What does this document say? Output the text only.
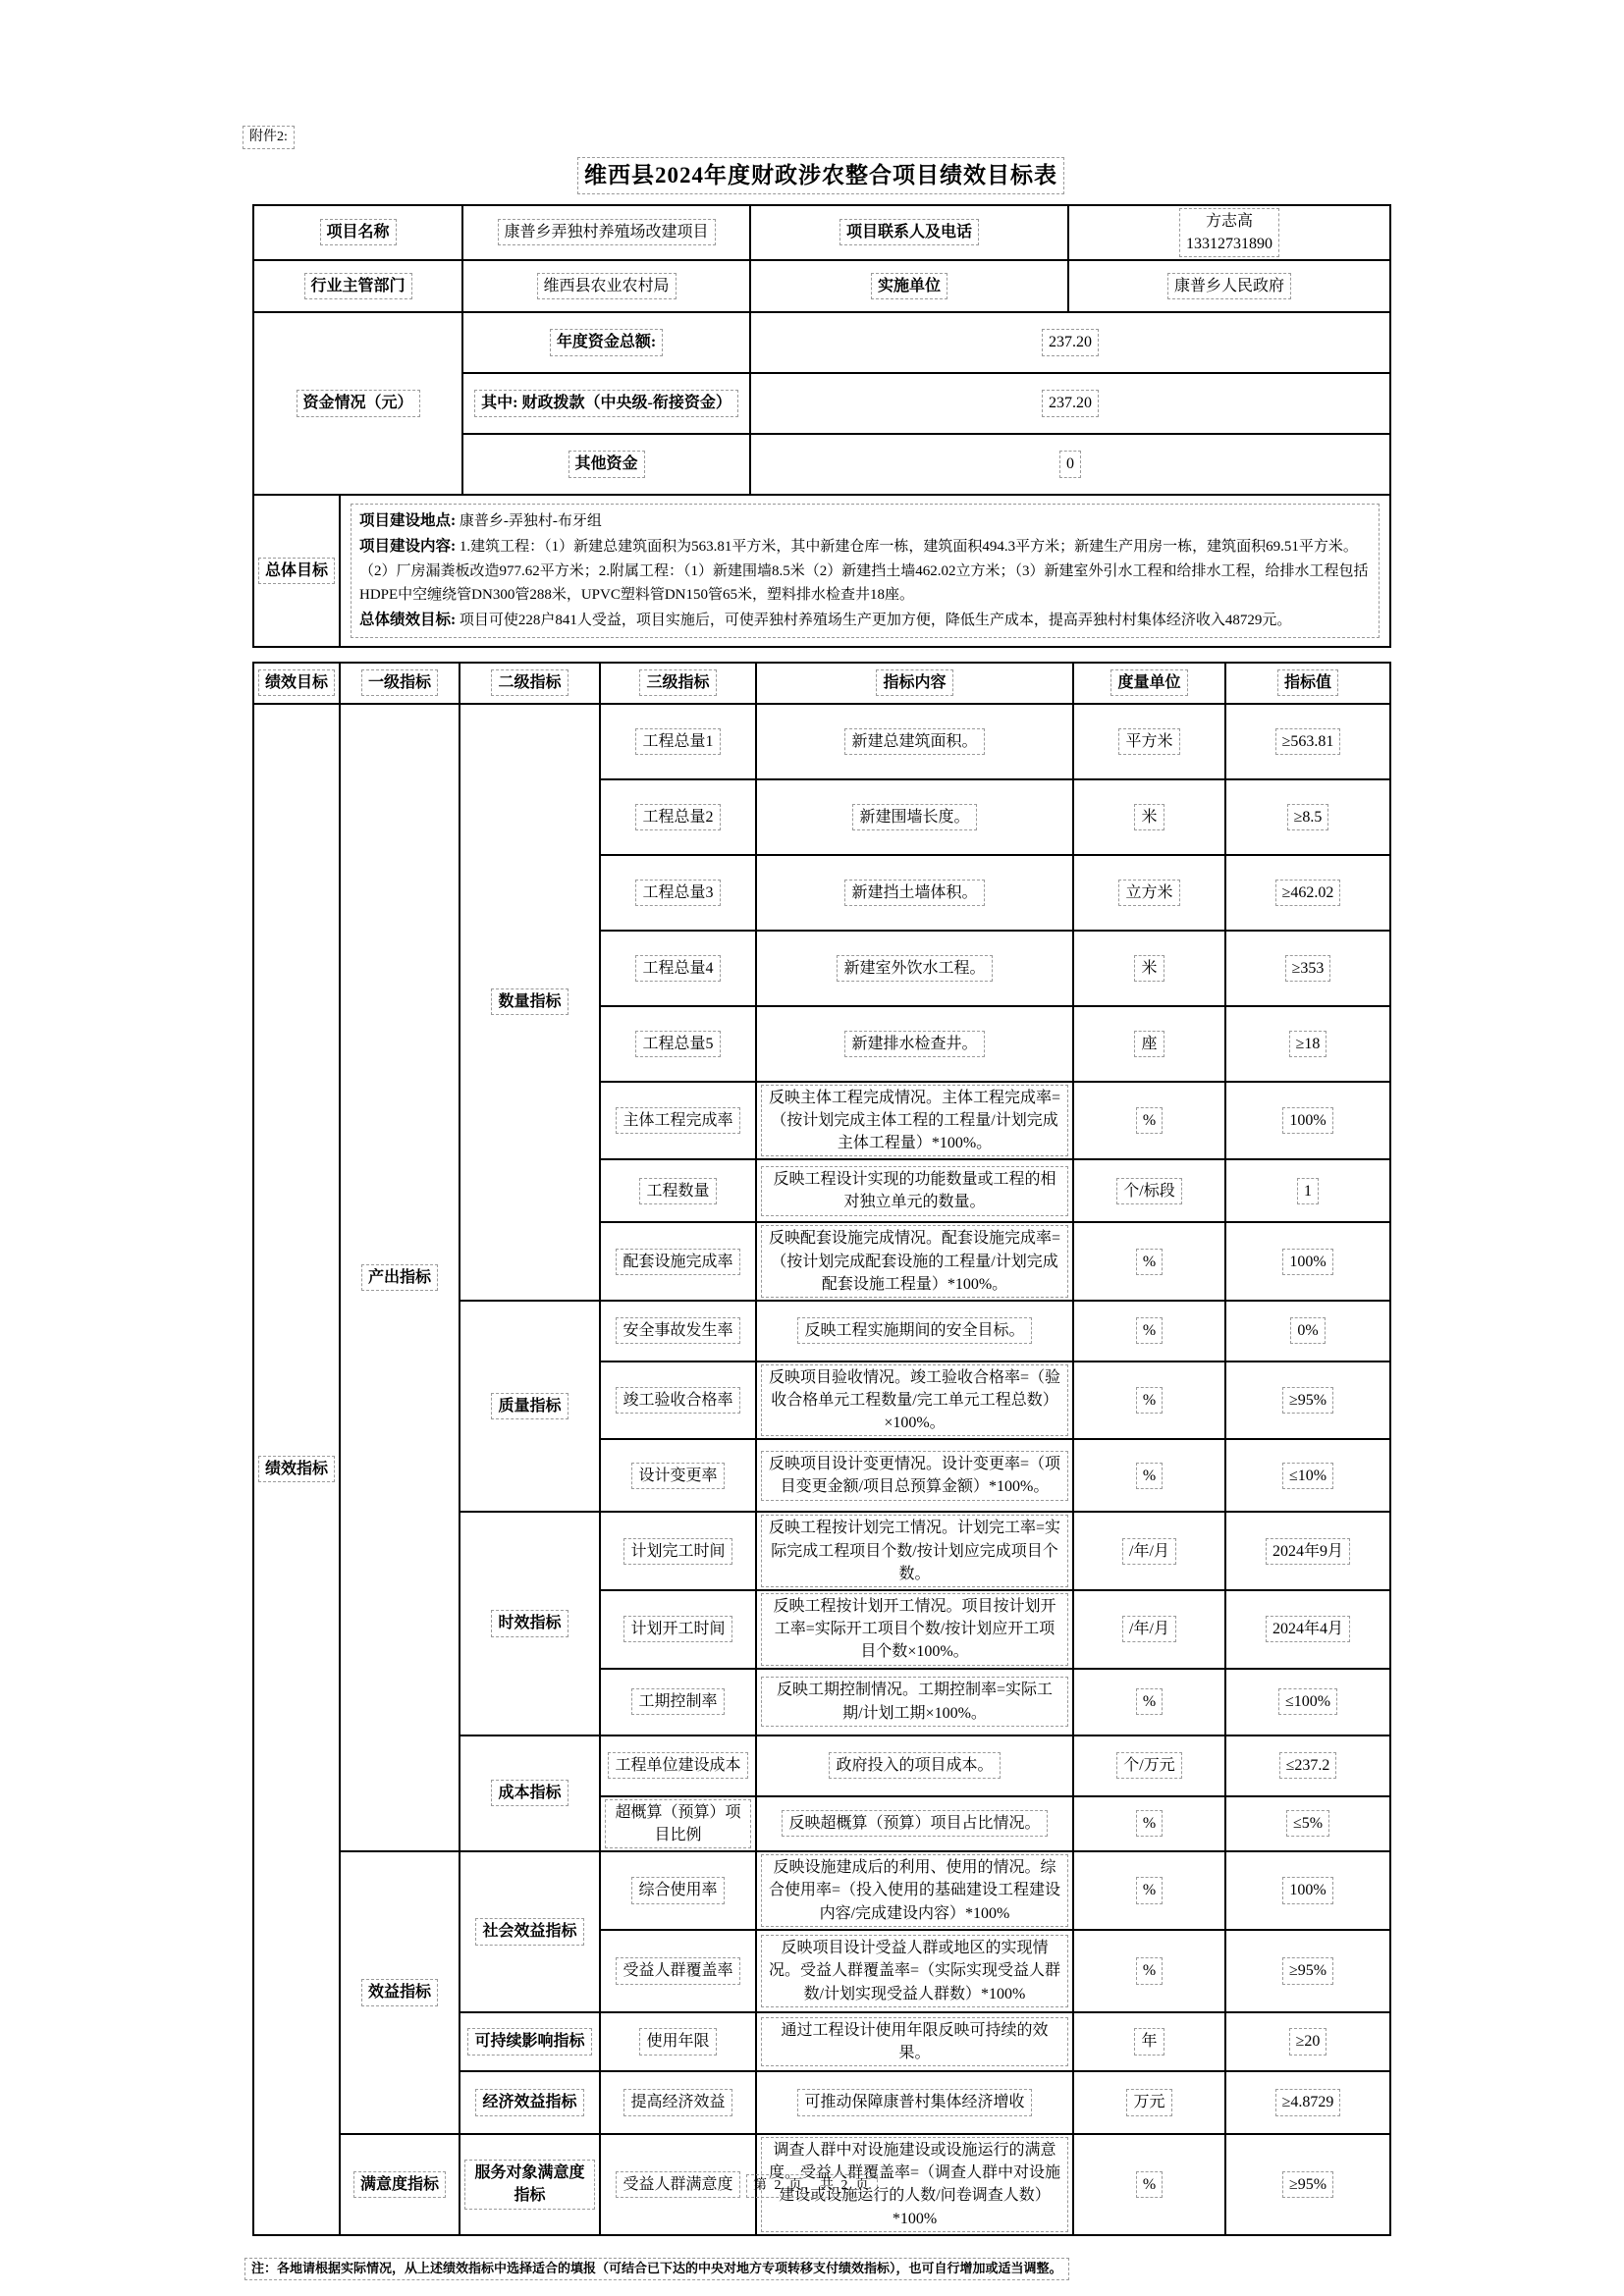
附件2:
维西县2024年度财政涉农整合项目绩效目标表
项目名称		康普乡弄独村养殖场改建项目	项目联系人及电话	方志高
13312731890

行业主管部门		维西县农业农村局	实施单位	康普乡人民政府
资金情况（元）		年度资金总额:	237.20	
		其中: 财政拨款（中央级-衔接资金）	237.20	
		其他资金	0	
总体目标	项目建设地点: 康普乡-弄独村-布牙组
项目建设内容: 1.建筑工程：（1）新建总建筑面积为563.81平方米，其中新建仓库一栋，建筑面积494.3平方米；新建生产用房一栋，建筑面积69.51平方米。（2）厂房漏粪板改造977.62平方米；2.附属工程：（1）新建围墙8.5米（2）新建挡土墙462.02立方米；（3）新建室外引水工程和给排水工程，给排水工程包括HDPE中空缠绕管DN300管288米，UPVC塑料管DN150管65米，塑料排水检查井18座。
总体绩效目标: 项目可使228户841人受益，项目实施后，可使弄独村养殖场生产更加方便，降低生产成本，提高弄独村村集体经济收入48729元。			
绩效目标	一级指标	二级指标	三级指标	指标内容	度量单位	指标值
绩效指标	产出指标	数量指标	工程总量1	新建总建筑面积。	平方米	≥563.81
			工程总量2	新建围墙长度。	米	≥8.5
			工程总量3	新建挡土墙体积。	立方米	≥462.02
			工程总量4	新建室外饮水工程。	米	≥353
			工程总量5	新建排水检查井。	座	≥18
			主体工程完成率	反映主体工程完成情况。主体工程完成率=（按计划完成主体工程的工程量/计划完成主体工程量）*100%。	%	100%
			工程数量	反映工程设计实现的功能数量或工程的相对独立单元的数量。	个/标段	1
			配套设施完成率	反映配套设施完成情况。配套设施完成率=（按计划完成配套设施的工程量/计划完成配套设施工程量）*100%。	%	100%
		质量指标	安全事故发生率	反映工程实施期间的安全目标。	%	0%
			竣工验收合格率	反映项目验收情况。竣工验收合格率=（验收合格单元工程数量/完工单元工程总数）×100%。	%	≥95%
			设计变更率	反映项目设计变更情况。设计变更率=（项目变更金额/项目总预算金额）*100%。	%	≤10%
		时效指标	计划完工时间	反映工程按计划完工情况。计划完工率=实际完成工程项目个数/按计划应完成项目个数。	/年/月	2024年9月
			计划开工时间	反映工程按计划开工情况。项目按计划开工率=实际开工项目个数/按计划应开工项目个数×100%。	/年/月	2024年4月
			工期控制率	反映工期控制情况。工期控制率=实际工期/计划工期×100%。	%	≤100%
		成本指标	工程单位建设成本	政府投入的项目成本。	个/万元	≤237.2
			超概算（预算）项目比例	反映超概算（预算）项目占比情况。	%	≤5%
	效益指标	社会效益指标	综合使用率	反映设施建成后的利用、使用的情况。综合使用率=（投入使用的基础建设工程建设内容/完成建设内容）*100%	%	100%
			受益人群覆盖率	反映项目设计受益人群或地区的实现情况。受益人群覆盖率=（实际实现受益人群数/计划实现受益人群数）*100%	%	≥95%
		可持续影响指标	使用年限	通过工程设计使用年限反映可持续的效果。	年	≥20
		经济效益指标	提高经济效益	可推动保障康普村集体经济增收	万元	≥4.8729
	满意度指标	服务对象满意度指标	受益人群满意度	调查人群中对设施建设或设施运行的满意度。受益人群覆盖率=（调查人群中对设施建设或设施运行的人数/问卷调查人数）*100%	%	≥95%
注：各地请根据实际情况，从上述绩效指标中选择适合的填报（可结合已下达的中央对地方专项转移支付绩效指标），也可自行增加或适当调整。
第 2 页，共 2 页
